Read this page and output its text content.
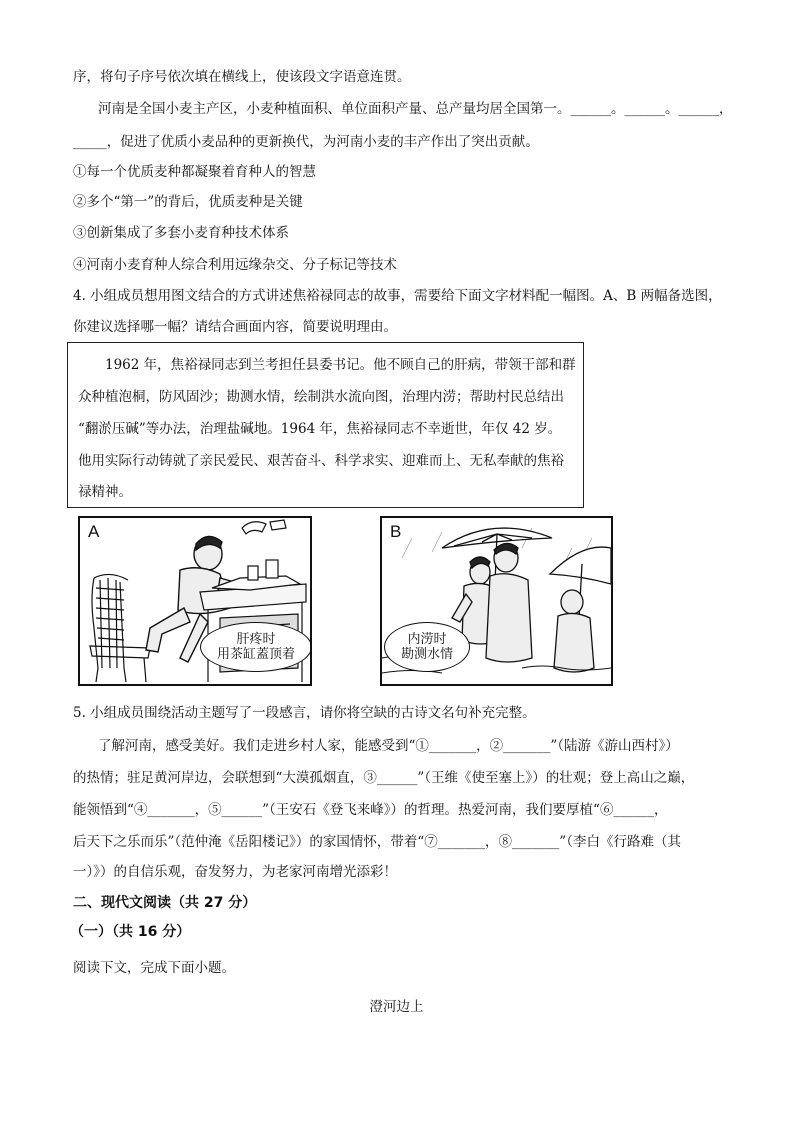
序，将句子序号依次填在横线上，使该段文字语意连贯。
河南是全国小麦主产区，小麦种植面积、单位面积产量、总产量均居全国第一。______。______。______，
_____，促进了优质小麦品种的更新换代，为河南小麦的丰产作出了突出贡献。
①每一个优质麦种都凝聚着育种人的智慧
②多个“第一”的背后，优质麦种是关键
③创新集成了多套小麦育种技术体系
④河南小麦育种人综合利用远缘杂交、分子标记等技术
4. 小组成员想用图文结合的方式讲述焦裕禄同志的故事，需要给下面文字材料配一幅图。A、B 两幅备选图，
你建议选择哪一幅？请结合画面内容，简要说明理由。
　　1962 年，焦裕禄同志到兰考担任县委书记。他不顾自己的肝病，带领干部和群
众种植泡桐，防风固沙；勘测水情，绘制洪水流向图，治理内涝；帮助村民总结出
“翻淤压碱”等办法，治理盐碱地。1964 年，焦裕禄同志不幸逝世，年仅 42 岁。
他用实际行动铸就了亲民爱民、艰苦奋斗、科学求实、迎难而上、无私奉献的焦裕
禄精神。
A
肝疼时
用茶缸蓋顶着
B
内涝时
勘测水情
5. 小组成员围绕活动主题写了一段感言，请你将空缺的古诗文名句补充完整。
了解河南，感受美好。我们走进乡村人家，能感受到“①_______，②_______”（陆游《游山西村》）
的热情；驻足黄河岸边，会联想到“大漠孤烟直，③______”（王维《使至塞上》）的壮观；登上高山之巅，
能领悟到“④_______，⑤______”（王安石《登飞来峰》）的哲理。热爱河南，我们要厚植“⑥______，
后天下之乐而乐”（范仲淹《岳阳楼记》）的家国情怀，带着“⑦_______，⑧_______”（李白《行路难（其
一）》）的自信乐观，奋发努力，为老家河南增光添彩！
二、现代文阅读（共 27 分）
（一）（共 16 分）
阅读下文，完成下面小题。
澄河边上
